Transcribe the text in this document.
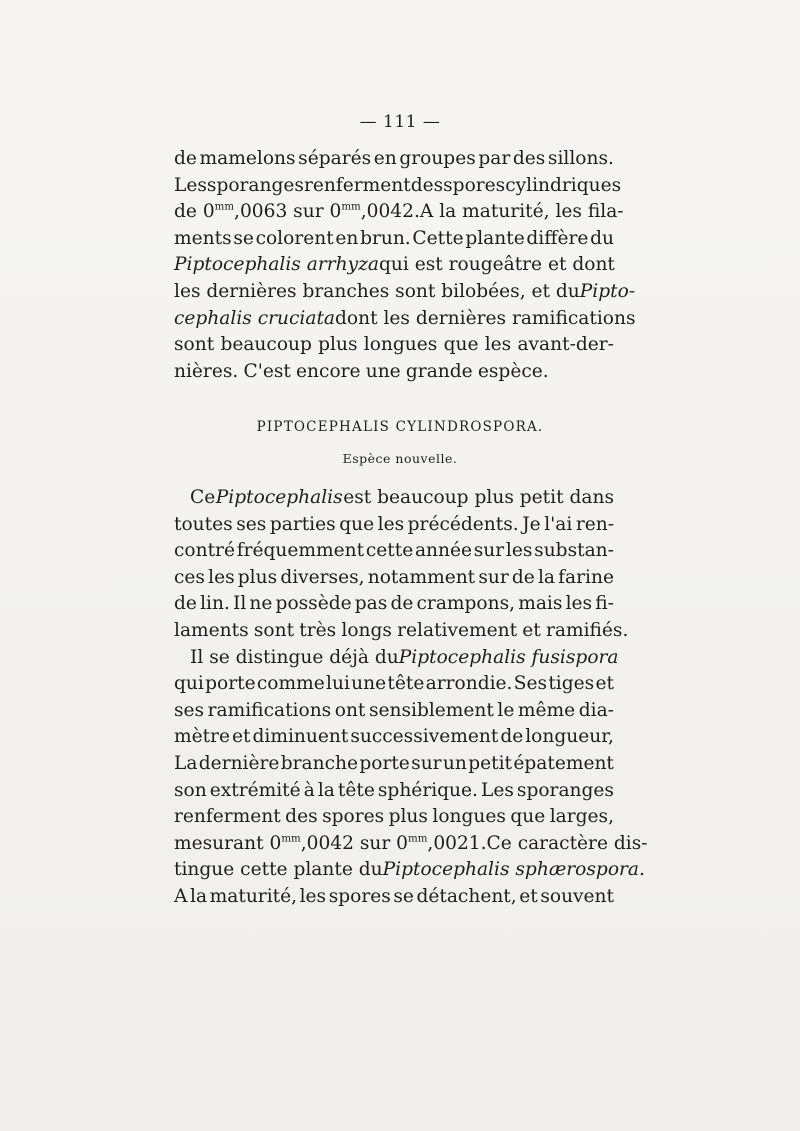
— 111 —
de mamelons séparés en groupes par des sillons.
Les sporanges renferment des spores cylindriques
de $0^{mm},0063$ sur $0^{mm},0042$. A la maturité, les fila-
ments se colorent en brun. Cette plante diffère du
Piptocephalis arrhyza qui est rougeâtre et dont
les dernières branches sont bilobées, et du Pipto-
cephalis cruciata dont les dernières ramifications
sont beaucoup plus longues que les avant-der-
nières. C'est encore une grande espèce.
PIPTOCEPHALIS CYLINDROSPORA.
Espèce nouvelle.
Ce Piptocephalis est beaucoup plus petit dans
toutes ses parties que les précédents. Je l'ai ren-
contré fréquemment cette année sur les substan-
ces les plus diverses, notamment sur de la farine
de lin. Il ne possède pas de crampons, mais les fi-
laments sont très longs relativement et ramifiés.
Il se distingue déjà du Piptocephalis fusispora
qui porte comme lui une tête arrondie. Ses tiges et
ses ramifications ont sensiblement le même dia-
mètre et diminuent successivement de longueur,
La dernière branche porte sur un petit épatement
son extrémité à la tête sphérique. Les sporanges
renferment des spores plus longues que larges,
mesurant $0^{mm},0042$ sur $0^{mm},0021$. Ce caractère dis-
tingue cette plante du Piptocephalis sphærospora.
A la maturité, les spores se détachent, et souvent
